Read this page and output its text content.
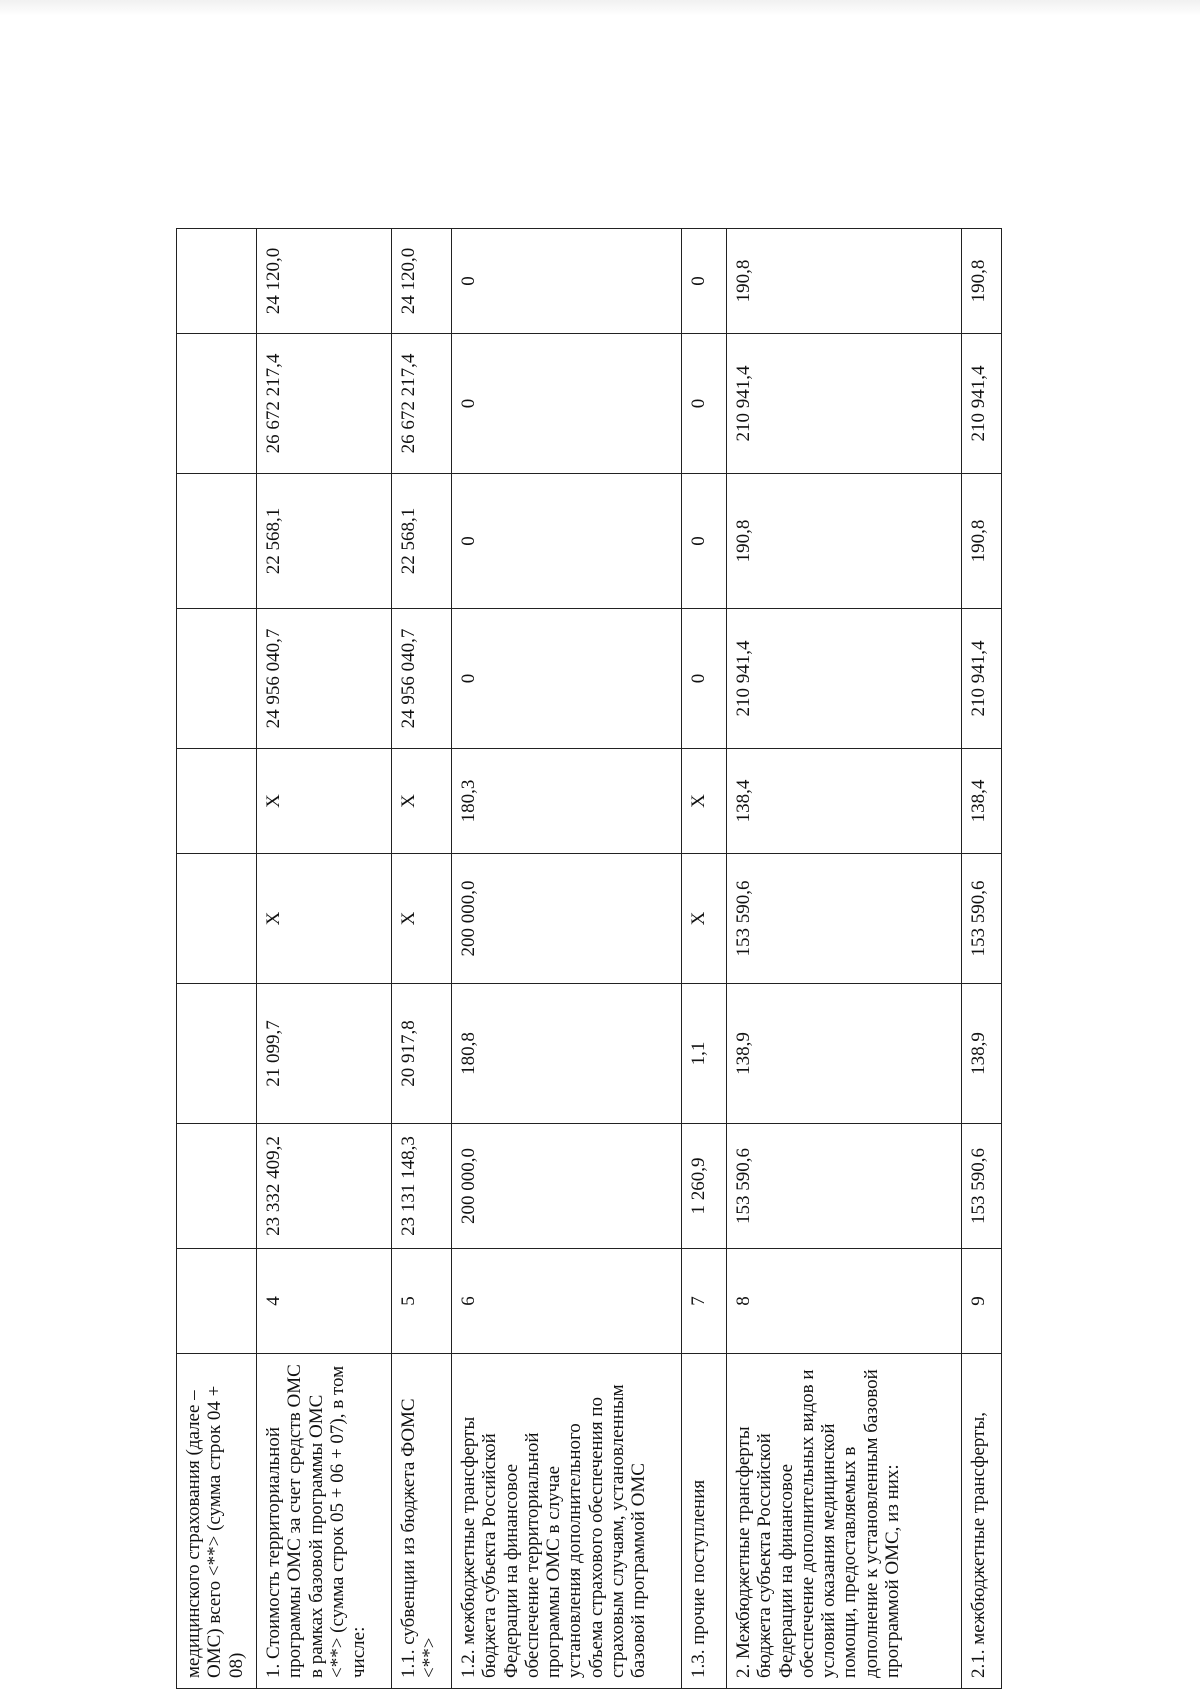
медицинского страхования (далее – ОМС) всего <**> (сумма строк 04 + 08)									
1. Стоимость территориальной программы ОМС за счет средств ОМС в рамках базовой программы ОМС <**> (сумма строк 05 + 06 + 07), в том числе:	4	23 332 409,2	21 099,7	X	X	24 956 040,7	22 568,1	26 672 217,4	24 120,0
1.1. субвенции из бюджета ФОМС <**>	5	23 131 148,3	20 917,8	X	X	24 956 040,7	22 568,1	26 672 217,4	24 120,0
1.2. межбюджетные трансферты бюджета субъекта Российской Федерации на финансовое обеспечение территориальной программы ОМС в случае установления дополнительного объема страхового обеспечения по страховым случаям, установленным базовой программой ОМС	6	200 000,0	180,8	200 000,0	180,3	0	0	0	0
1.3. прочие поступления	7	1 260,9	1,1	X	X	0	0	0	0
2. Межбюджетные трансферты бюджета субъекта Российской Федерации на финансовое обеспечение дополнительных видов и условий оказания медицинской помощи, предоставляемых в дополнение к установленным базовой программой ОМС, из них:	8	153 590,6	138,9	153 590,6	138,4	210 941,4	190,8	210 941,4	190,8
2.1. межбюджетные трансферты,	9	153 590,6	138,9	153 590,6	138,4	210 941,4	190,8	210 941,4	190,8
